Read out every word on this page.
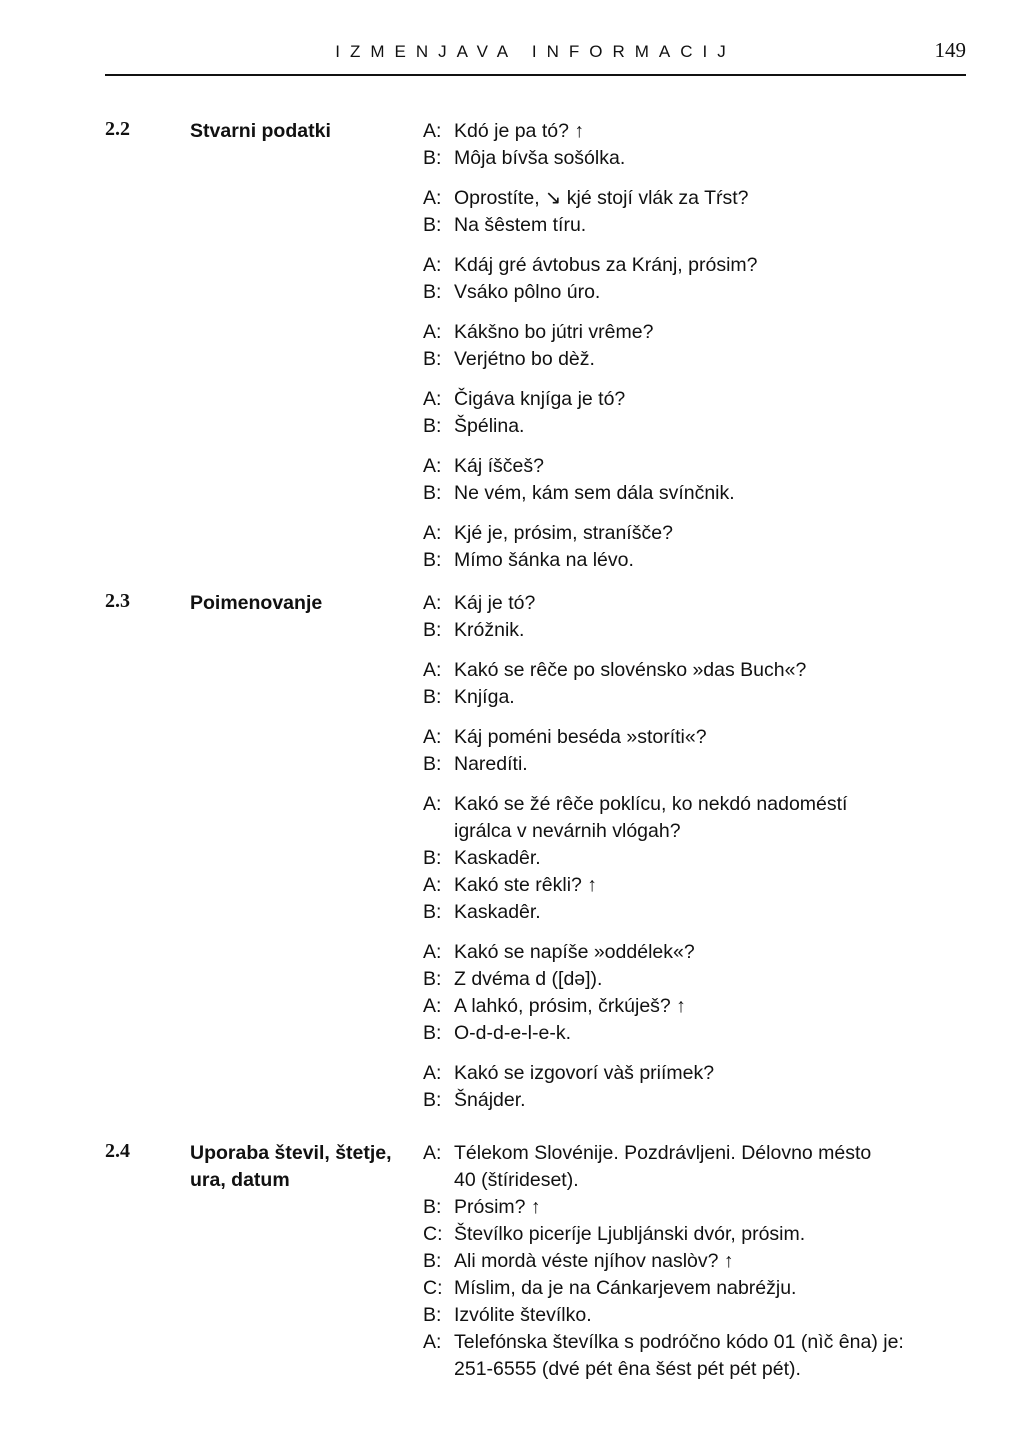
IZMENJAVA INFORMACIJ	149
2.2	Stvarni podatki	A: Kdó je pa tó? ↑
B: Môja bívša sošólka.
A: Oprostíte, ↘ kjé stojí vlák za Tŕst?
B: Na šêstem tíru.
A: Kdáj gré ávtobus za Kránj, prósim?
B: Vsáko pôlno úro.
A: Kákšno bo jútri vrême?
B: Verjétno bo dèž.
A: Čigáva knjíga je tó?
B: Špélina.
A: Káj íščeš?
B: Ne vém, kám sem dála svínčnik.
A: Kjé je, prósim, straníšče?
B: Mímo šánka na lévo.
2.3	Poimenovanje	A: Káj je tó?
B: Króžnik.
A: Kakó se rêče po slovénsko »das Buch«?
B: Knjíga.
A: Káj poméni beséda »storíti«?
B: Naredíti.
A: Kakó se žé rêče poklícu, ko nekdó nadoméstí
igrálca v nevárnih vlógah?
B: Kaskadêr.
A: Kakó ste rêkli? ↑
B: Kaskadêr.
A: Kakó se napíše »oddélek«?
B: Z dvéma d ([də]).
A: A lahkó, prósim, črkúješ? ↑
B: O-d-d-e-l-e-k.
A: Kakó se izgovorí vàš priímek?
B: Šnájder.
2.4	Uporaba števil, štetje, ura, datum
A: Télekom Slovénije. Pozdrávljeni. Délovno mésto
40 (štírideset).
B: Prósim? ↑
C: Števílko piceríje Ljubljánski dvór, prósim.
B: Ali mordà véste njíhov naslòv? ↑
C: Míslim, da je na Cánkarjevem nabréžju.
B: Izvólite števílko.
A: Telefónska števílka s podróčno kódo 01 (nìč êna) je:
251-6555 (dvé pét êna šést pét pét pét).
